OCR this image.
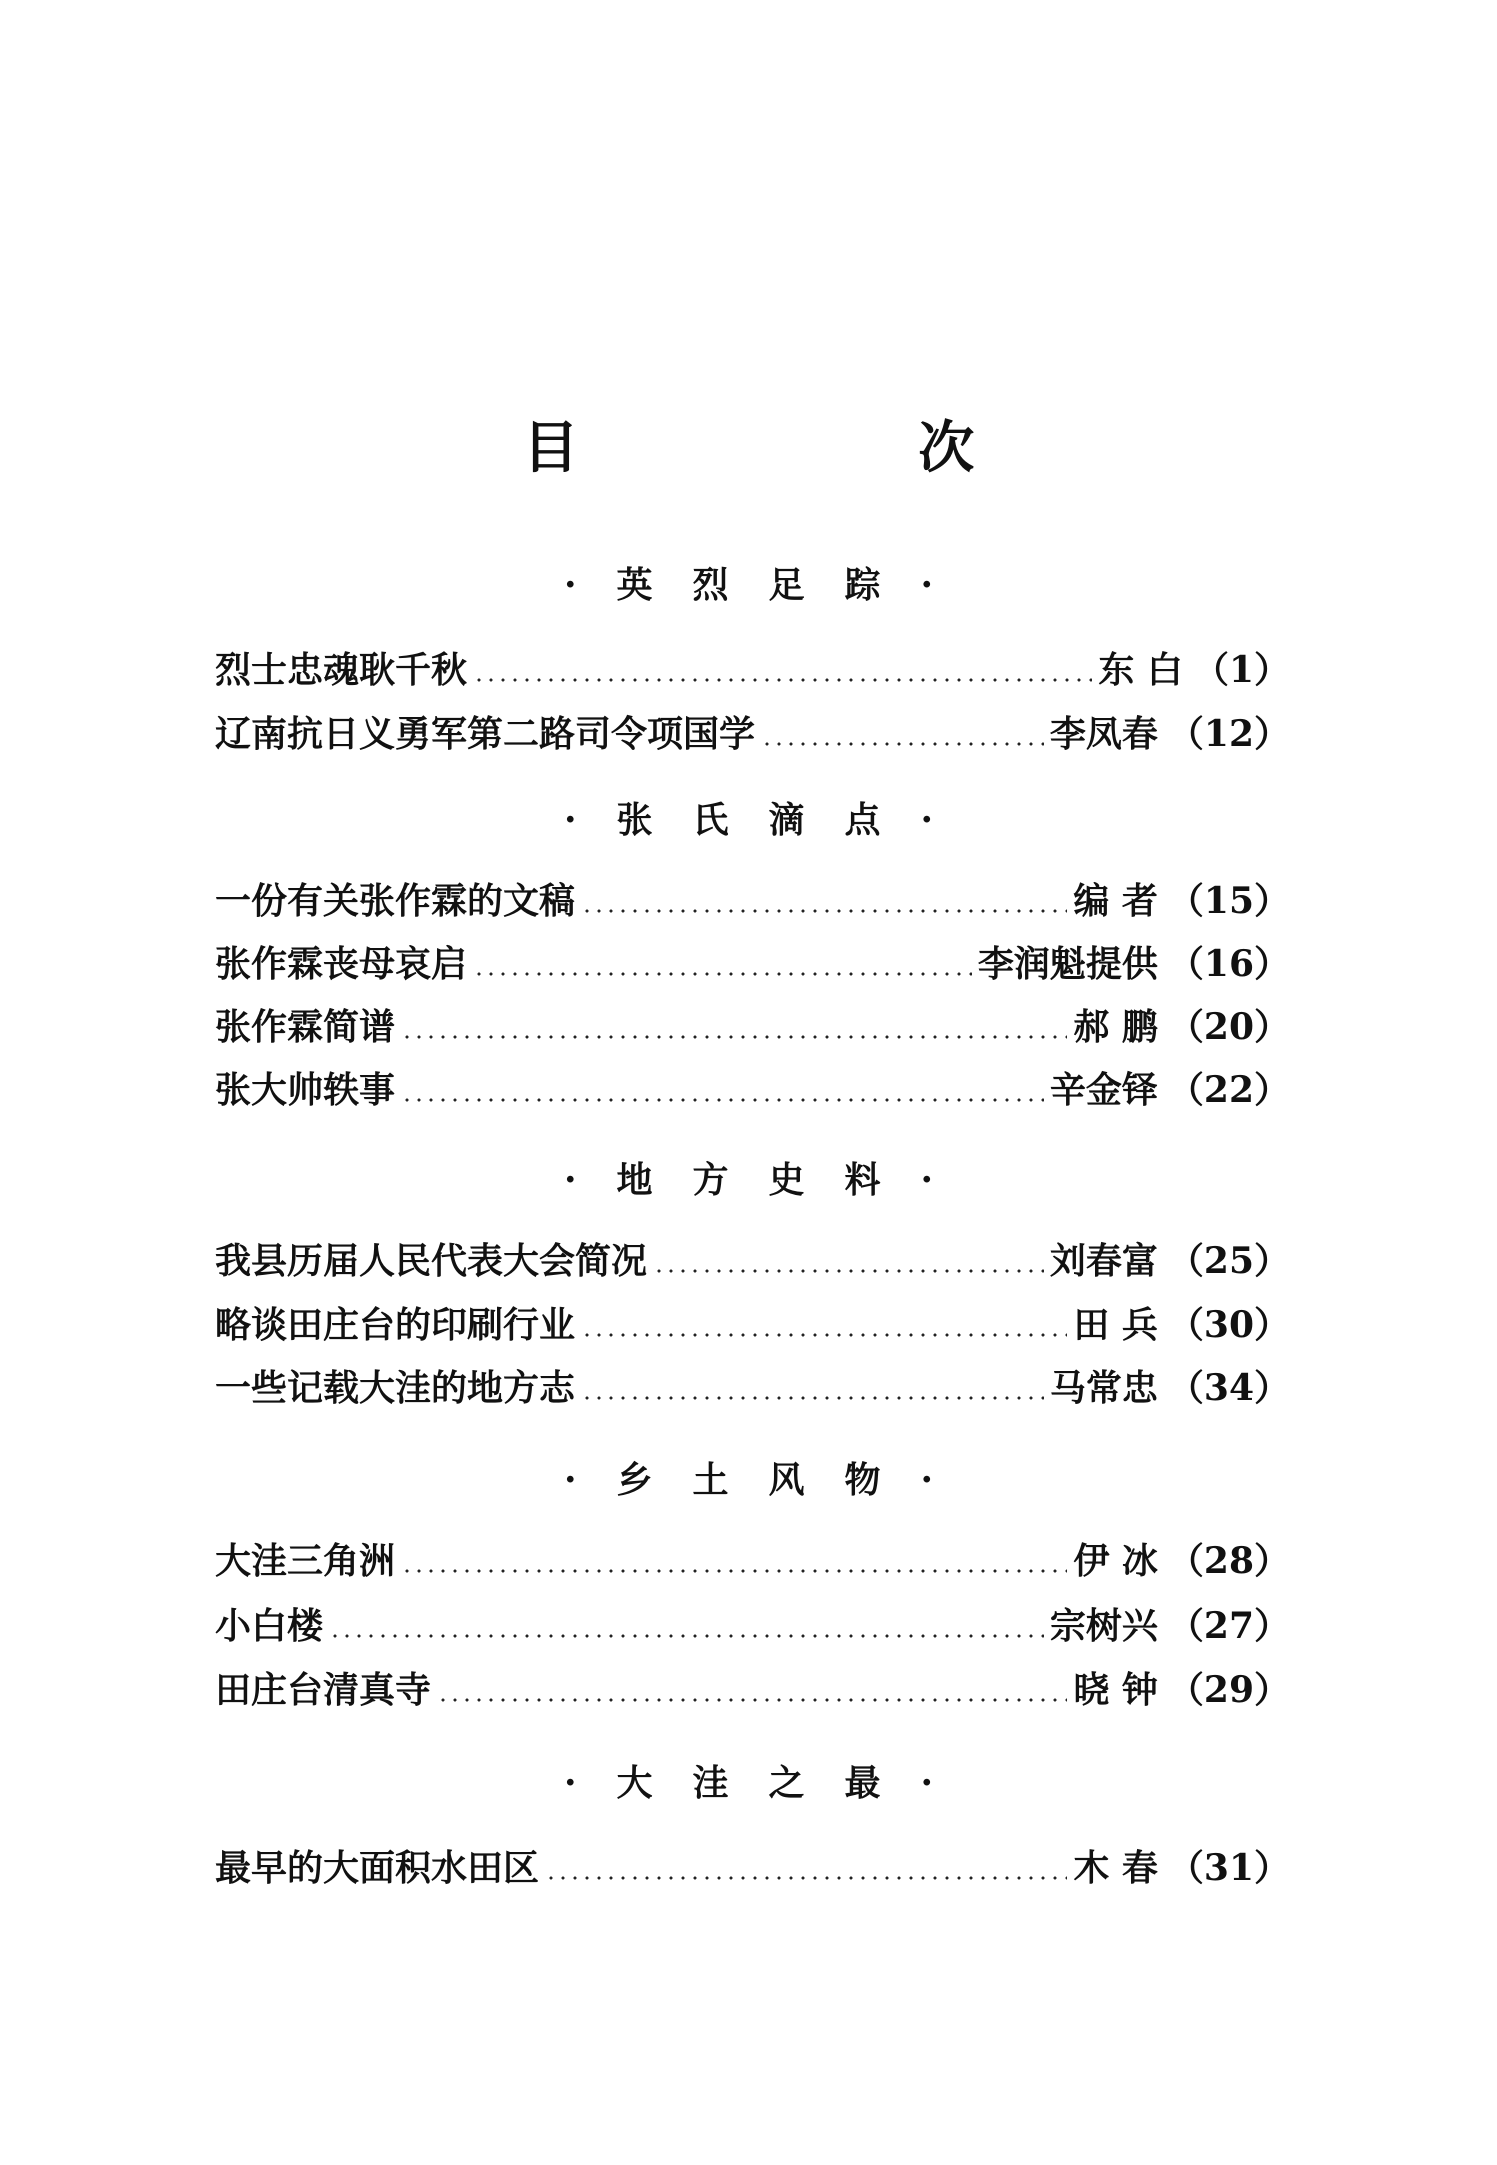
目 次
·英烈足踪·
烈士忠魂耿千秋	东 白 （1）
辽南抗日义勇军第二路司令项国学	李凤春 （12）
·张氏滴点·
一份有关张作霖的文稿	编 者 （15）
张作霖丧母哀启	李润魁提供 （16）
张作霖简谱	郝 鹏 （20）
张大帅轶事	辛金铎 （22）
·地方史料·
我县历届人民代表大会简况	刘春富 （25）
略谈田庄台的印刷行业	田 兵 （30）
一些记载大洼的地方志	马常忠 （34）
·乡土风物·
大洼三角洲	伊 冰 （28）
小白楼	宗树兴 （27）
田庄台清真寺	晓 钟 （29）
·大洼之最·
最早的大面积水田区	木 春 （31）
